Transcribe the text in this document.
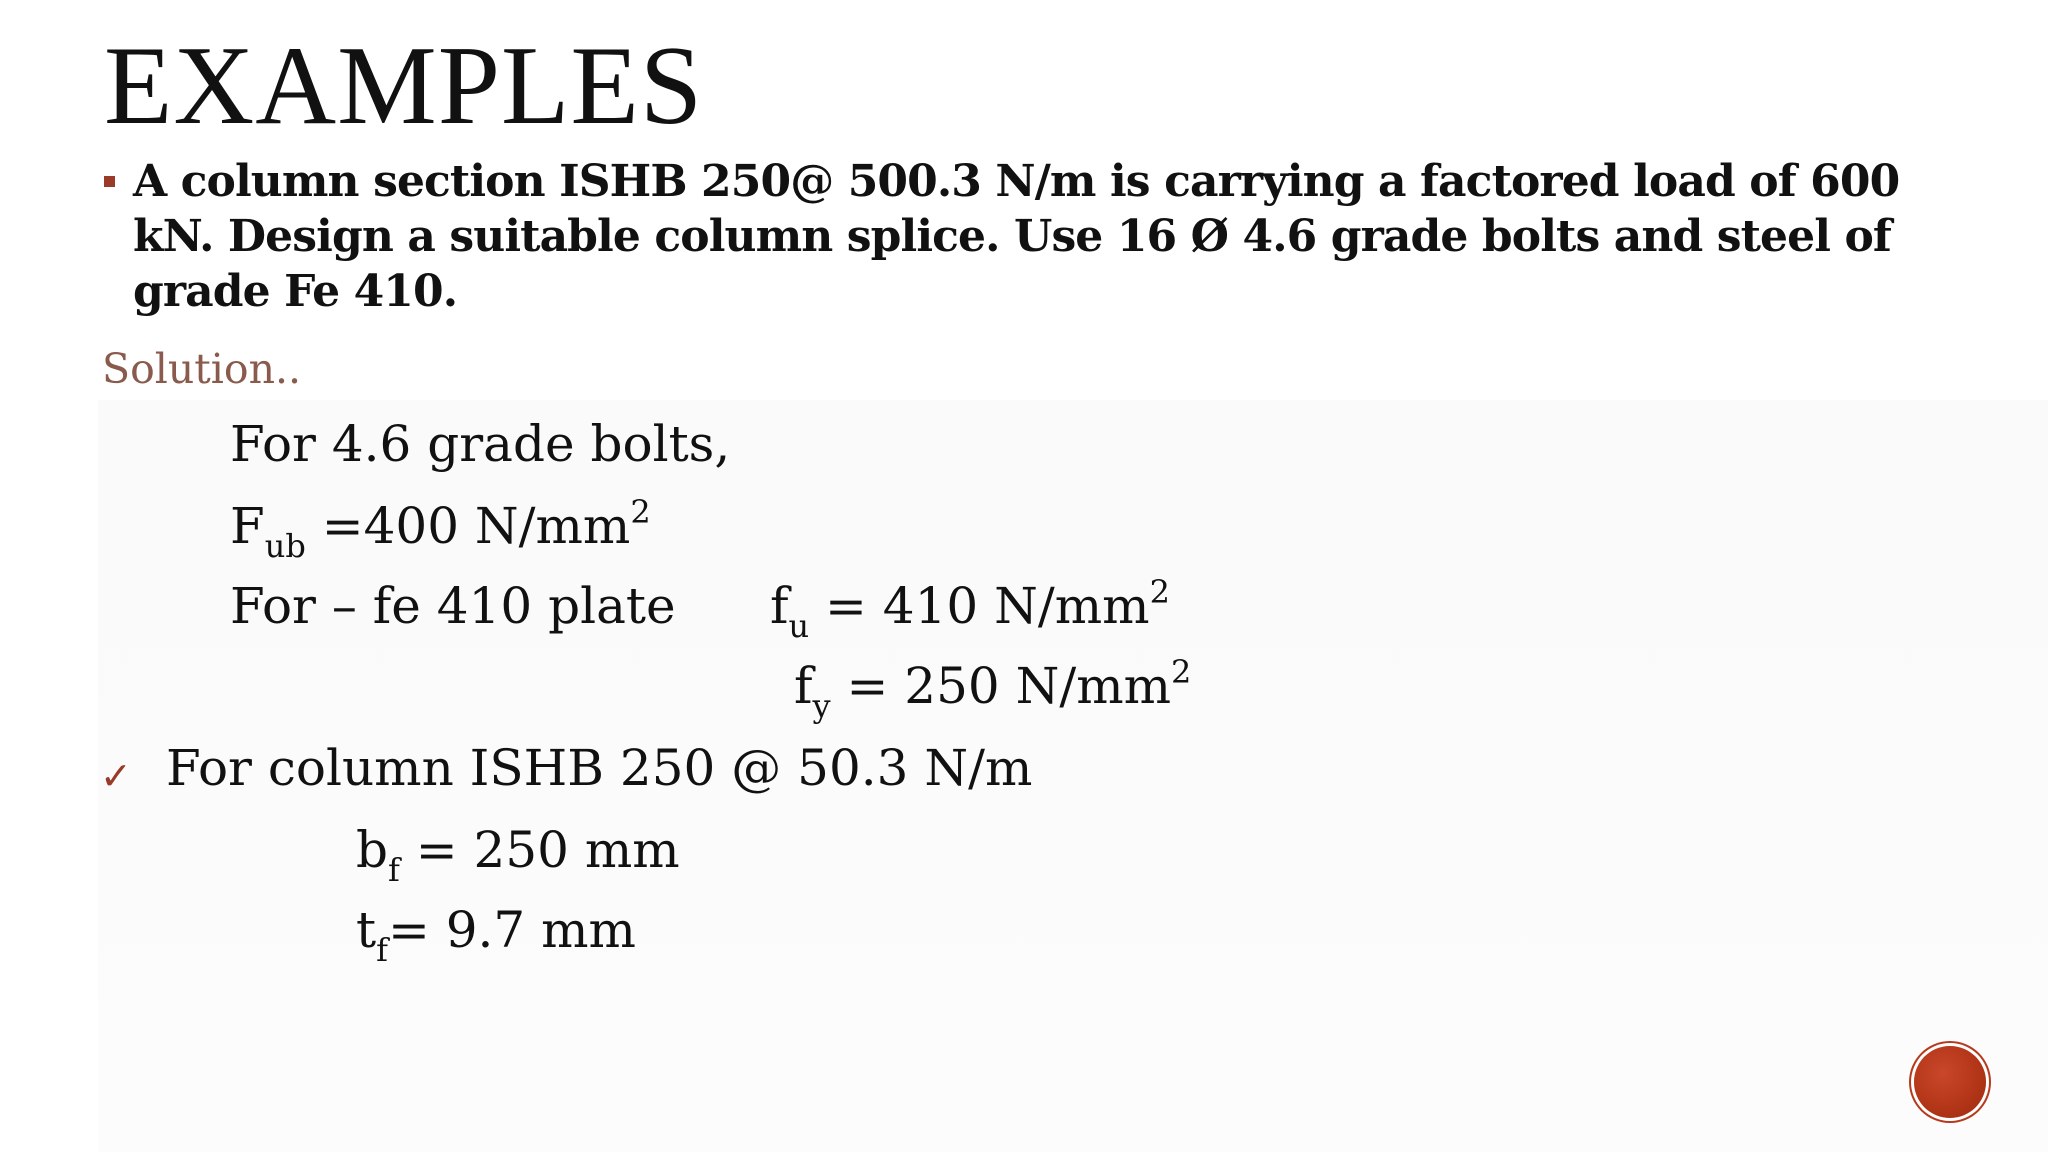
EXAMPLES
A column section ISHB 250@ 500.3 N/m is carrying a factored load of 600 kN. Design a suitable column splice. Use 16 Ø 4.6 grade bolts and steel of grade Fe 410.
Solution..
For 4.6 grade bolts,
$F_{ub} =400$ $N/mm^2$
For – fe 410 plate $f_u = 410$ $N/mm^2$
$f_y = 250$ $N/mm^2$
✓ For column ISHB 250 @ 50.3 N/m
$b_f = 250$ mm
$t_f= 9.7$ mm
